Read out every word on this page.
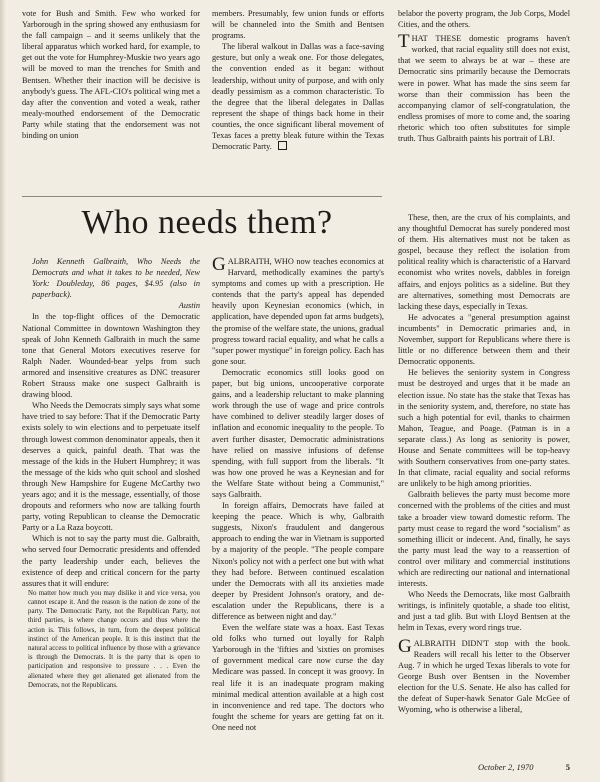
vote for Bush and Smith. Few who worked for Yarborough in the spring showed any enthusiasm for the fall campaign – and it seems unlikely that the liberal apparatus which worked hard, for example, to get out the vote for Humphrey-Muskie two years ago will be moved to man the trenches for Smith and Bentsen. Whether their inaction will be decisive is anybody's guess. The AFL-CIO's political wing met a day after the convention and voted a weak, rather mealy-mouthed endorsement of the Democratic Party while stating that the endorsement was not binding on union

members. Presumably, few union funds or efforts will be channeled into the Smith and Bentsen programs.

The liberal walkout in Dallas was a face-saving gesture, but only a weak one. For those delegates, the convention ended as it began: without leadership, without unity of purpose, and with only deadly pessimism as a common characteristic. To the degree that the liberal delegates in Dallas represent the shape of things back home in their counties, the once significant liberal movement of Texas faces a pretty bleak future within the Texas Democratic Party.

belabor the poverty program, the Job Corps, Model Cities, and the others.

THAT THESE domestic programs haven't worked, that racial equality still does not exist, that we seem to always be at war – these are Democratic sins primarily because the Democrats were in power. What has made the sins seem far worse than their commission has been the accompanying clamor of self-congratulation, the endless promises of more to come and, the soaring rhetoric which too often substitutes for simple truth. Thus Galbraith paints his portrait of LBJ.

Who needs them?

John Kenneth Galbraith, Who Needs the Democrats and what it takes to be needed, New York: Doubleday, 86 pages, $4.95 (also in paperback).

Austin

In the top-flight offices of the Democratic National Committee in downtown Washington they speak of John Kenneth Galbraith in much the same tone that General Motors executives reserve for Ralph Nader. Wounded-bear yelps from such armored and insensitive creatures as DNC treasurer Robert Strauss make one suspect Galbraith is drawing blood.

Who Needs the Democrats simply says what some have tried to say before: That if the Democratic Party exists solely to win elections and to perpetuate itself through lowest common denominator appeals, then it deserves a quick, painful death. That was the message of the kids in the Hubert Humphrey; it was the message of the kids who quit school and sloshed through New Hampshire for Eugene McCarthy two years ago; and it is the message, essentially, of those dropouts and reformers who now are talking fourth party, voting Republican to cleanse the Democratic Party or a La Raza boycott.

Which is not to say the party must die. Galbraith, who served four Democratic presidents and offended the party leadership under each, believes the existence of deep and critical concern for the party assures that it will endure:

No matter how much you may dislike it and vice versa, you cannot escape it. And the reason is the nation de zone of the party. The Democratic Party, not the Republican Party, not third parties, is where change occurs and thus where the action is. This follows, in turn, from the deepest political instinct of the American people. It is this instinct that the natural access to political influence by those with a grievance is through the Democrats. It is the party that is open to participation and responsive to pressure . . . Even the alienated where they get alienated get alienated from the Democrats, not the Republicans.

GALBRAITH, WHO now teaches economics at Harvard, methodically examines the party's symptoms and comes up with a prescription. He contends that the party's appeal has depended heavily upon Keynesian economics (which, in application, have depended upon fat arms budgets), the promise of the welfare state, the unions, gradual progress toward racial equality, and what he calls a "super power mystique" in foreign policy. Each has gone sour.

Democratic economics still looks good on paper, but big unions, uncooperative corporate gains, and a leadership reluctant to make planning work through the use of wage and price controls have combined to deliver steadily larger doses of inflation and economic inequality to the people. To avert further disaster, Democratic administrations have relied on massive infusions of defense spending, with full support from the liberals. "It was how one proved he was a Keynesian and for the Welfare State without being a Communist," says Galbraith.

In foreign affairs, Democrats have failed at keeping the peace. Which is why, Galbraith suggests, Nixon's fraudulent and dangerous approach to ending the war in Vietnam is supported by a majority of the people. "The people compare Nixon's policy not with a perfect one but with what they had before. Between continued escalation under the Democrats with all its anxieties made deeper by President Johnson's oratory, and de-escalation under the Republicans, there is a difference as between night and day."

Even the welfare state was a hoax. East Texas old folks who turned out loyally for Ralph Yarborough in the 'fifties and 'sixties on promises of government medical care now curse the day Medicare was passed. In concept it was groovy. In real life it is an inadequate program making minimal medical attention available at a high cost in inconvenience and red tape. The doctors who fought the scheme for years are getting fat on it. One need not

These, then, are the crux of his complaints, and any thoughtful Democrat has surely pondered most of them. His alternatives must not be taken as gospel, because they reflect the isolation from political reality which is characteristic of a Harvard economist who writes novels, dabbles in foreign affairs, and enjoys politics as a sideline. But they are alternatives, something most Democrats are lacking these days, especially in Texas.

He advocates a "general presumption against incumbents" in Democratic primaries and, in November, support for Republicans where there is little or no difference between them and their Democratic opponents.

He believes the seniority system in Congress must be destroyed and urges that it be made an election issue. No state has the stake that Texas has in the seniority system, and, therefore, no state has such a high potential for evil, thanks to chairmen Mahon, Teague, and Poage. (Patman is in a separate class.) As long as seniority is power, House and Senate committees will be top-heavy with Southern conservatives from one-party states. In that climate, racial equality and social reforms are unlikely to be high among priorities.

Galbraith believes the party must become more concerned with the problems of the cities and must take a broader view toward domestic reform. The party must cease to regard the word "socialism" as something illicit or indecent. And, finally, he says the party must lead the way to a reassertion of control over military and commercial institutions which are redirecting our national and international interests.

Who Needs the Democrats, like most Galbraith writings, is infinitely quotable, a shade too elitist, and just a tad glib. But with Lloyd Bentsen at the helm in Texas, every word rings true.

GALBRAITH DIDN'T stop with the book. Readers will recall his letter to the Observer Aug. 7 in which he urged Texas liberals to vote for George Bush over Bentsen in the November election for the U.S. Senate. He also has called for the defeat of Super-hawk Senator Gale McGee of Wyoming, who is otherwise a liberal,

October 2, 1970	5
